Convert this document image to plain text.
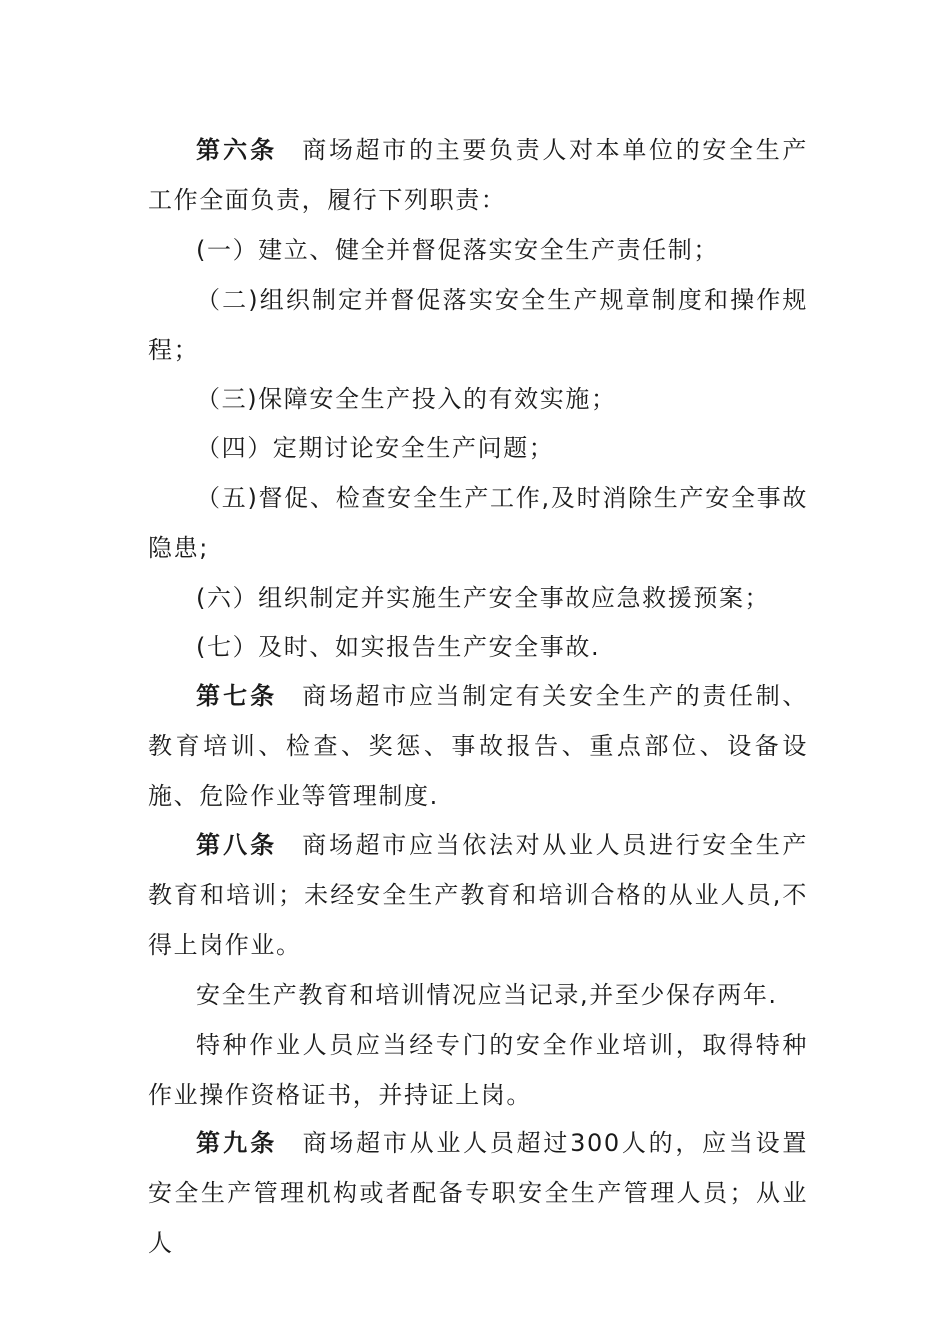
第六条 商场超市的主要负责人对本单位的安全生产工作全面负责，履行下列职责：

(一）建立、健全并督促落实安全生产责任制；

（二)组织制定并督促落实安全生产规章制度和操作规程；

（三)保障安全生产投入的有效实施；

（四）定期讨论安全生产问题；

（五)督促、检查安全生产工作,及时消除生产安全事故隐患;

(六）组织制定并实施生产安全事故应急救援预案；

(七）及时、如实报告生产安全事故.

第七条 商场超市应当制定有关安全生产的责任制、教育培训、检查、奖惩、事故报告、重点部位、设备设施、危险作业等管理制度.

第八条 商场超市应当依法对从业人员进行安全生产教育和培训；未经安全生产教育和培训合格的从业人员,不得上岗作业。

安全生产教育和培训情况应当记录,并至少保存两年.

特种作业人员应当经专门的安全作业培训，取得特种作业操作资格证书，并持证上岗。

第九条 商场超市从业人员超过300人的，应当设置安全生产管理机构或者配备专职安全生产管理人员；从业人
